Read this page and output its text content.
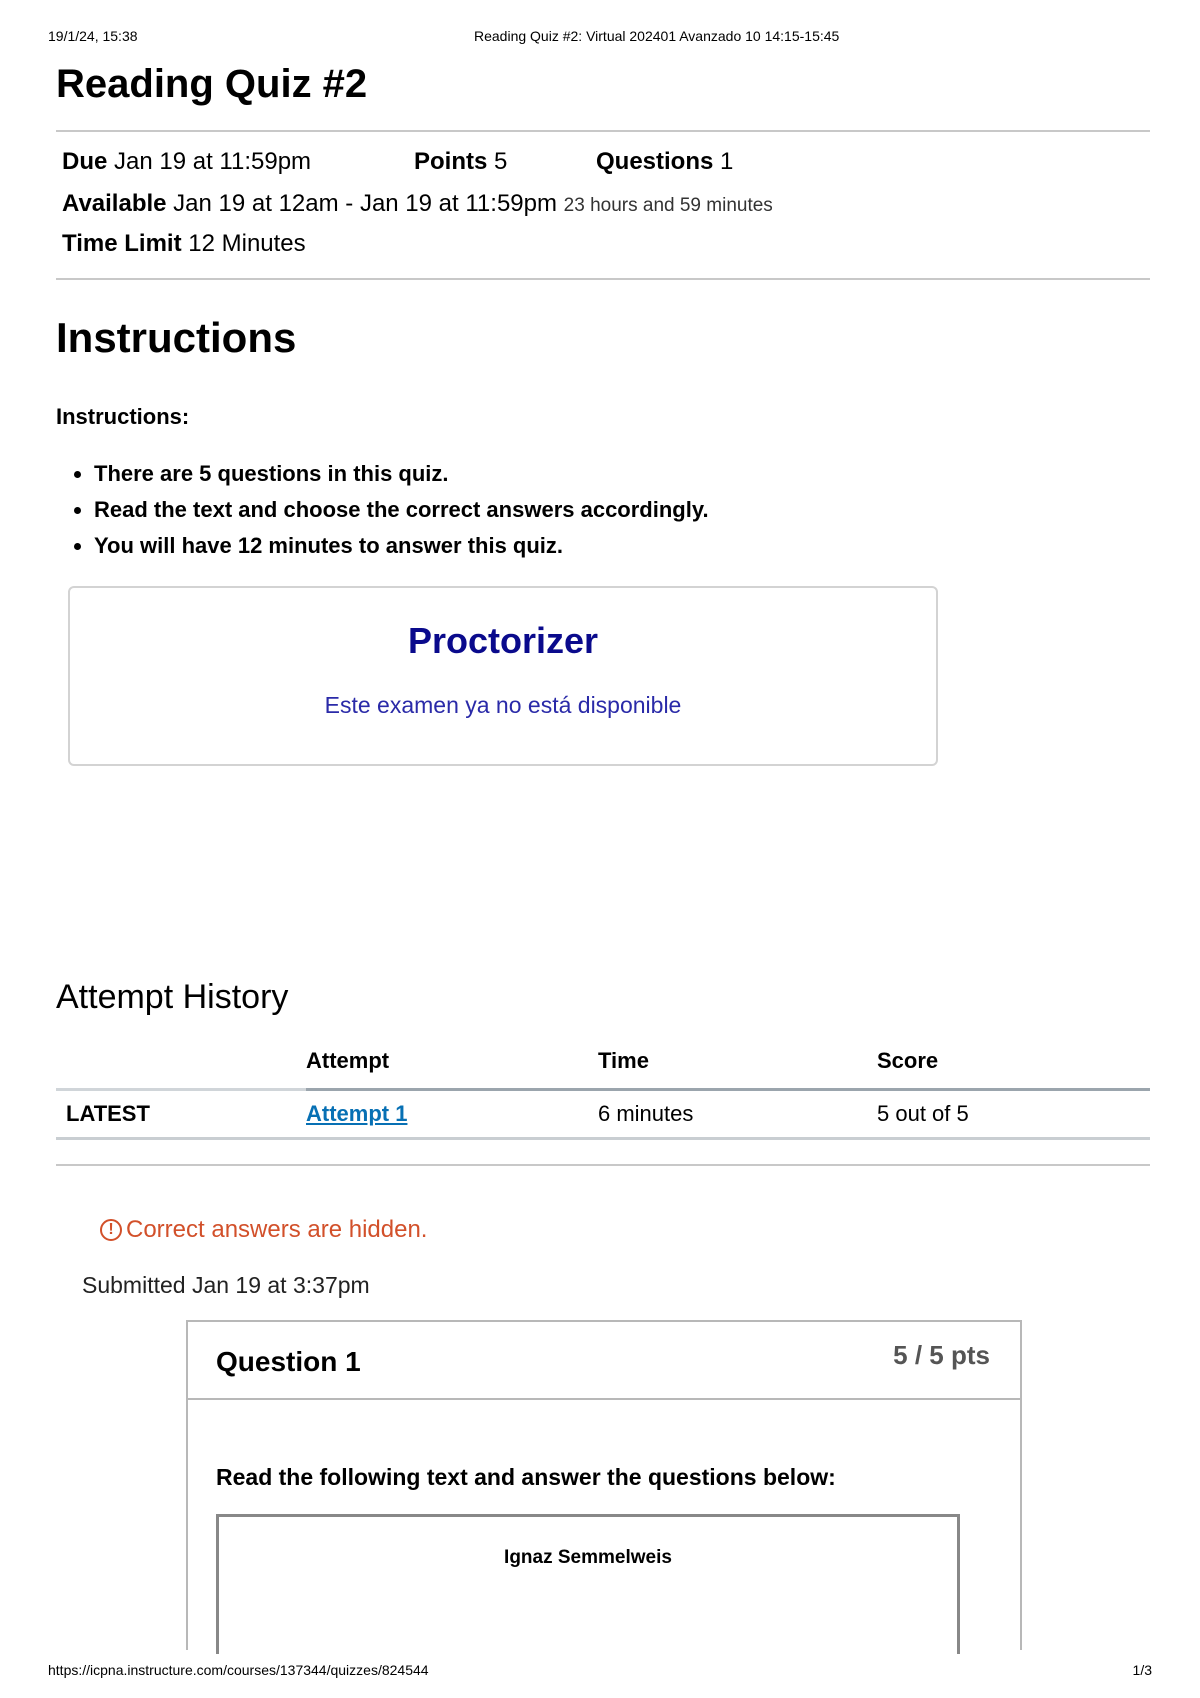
19/1/24, 15:38	Reading Quiz #2: Virtual 202401 Avanzado 10 14:15-15:45
Reading Quiz #2
Due Jan 19 at 11:59pm	Points 5	Questions 1
Available Jan 19 at 12am - Jan 19 at 11:59pm 23 hours and 59 minutes
Time Limit 12 Minutes
Instructions
Instructions:
• There are 5 questions in this quiz.
• Read the text and choose the correct answers accordingly.
• You will have 12 minutes to answer this quiz.
Proctorizer
Este examen ya no está disponible
Attempt History
	Attempt	Time	Score
LATEST	Attempt 1	6 minutes	5 out of 5
! Correct answers are hidden.
Submitted Jan 19 at 3:37pm
Question 1	5 / 5 pts
Read the following text and answer the questions below:
Ignaz Semmelweis
https://icpna.instructure.com/courses/137344/quizzes/824544	1/3
